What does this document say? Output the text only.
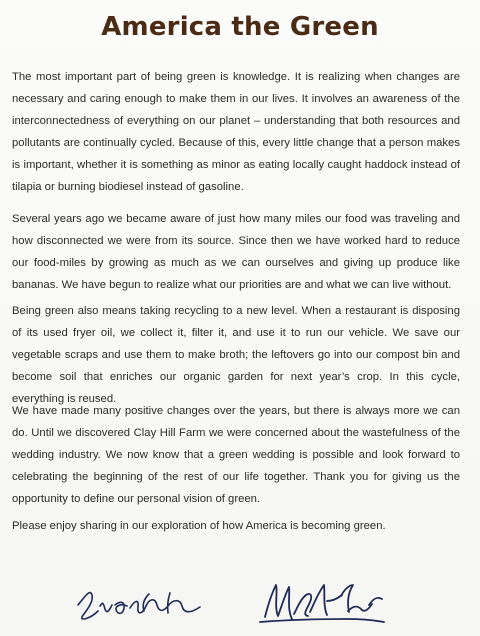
America the Green

The most important part of being green is knowledge. It is realizing when changes are necessary and caring enough to make them in our lives. It involves an awareness of the interconnectedness of everything on our planet – understanding that both resources and pollutants are continually cycled. Because of this, every little change that a person makes is important, whether it is something as minor as eating locally caught haddock instead of tilapia or burning biodiesel instead of gasoline.

Several years ago we became aware of just how many miles our food was traveling and how disconnected we were from its source. Since then we have worked hard to reduce our food-miles by growing as much as we can ourselves and giving up produce like bananas. We have begun to realize what our priorities are and what we can live without.

Being green also means taking recycling to a new level. When a restaurant is disposing of its used fryer oil, we collect it, filter it, and use it to run our vehicle. We save our vegetable scraps and use them to make broth; the leftovers go into our compost bin and become soil that enriches our organic garden for next year’s crop. In this cycle, everything is reused.

We have made many positive changes over the years, but there is always more we can do. Until we discovered Clay Hill Farm we were concerned about the wastefulness of the wedding industry. We now know that a green wedding is possible and look forward to celebrating the beginning of the rest of our life together. Thank you for giving us the opportunity to define our personal vision of green.

Please enjoy sharing in our exploration of how America is becoming green.
